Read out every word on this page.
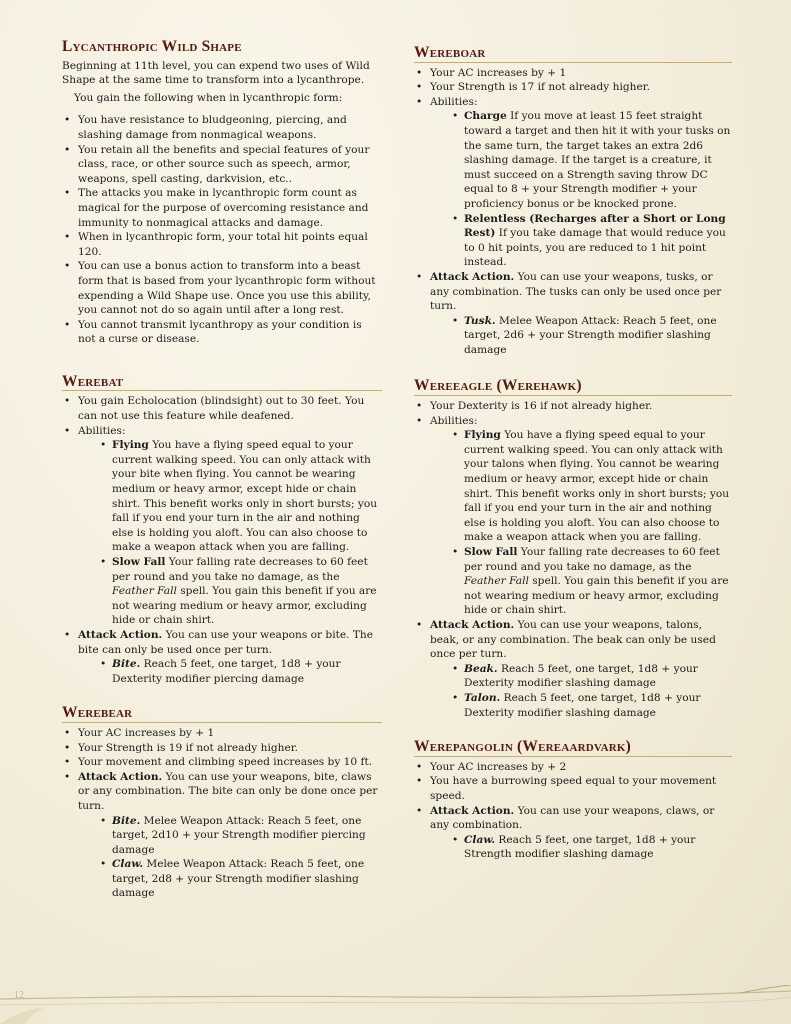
Lycanthropic Wild Shape

Beginning at 11th level, you can expend two uses of Wild Shape at the same time to transform into a lycanthrope.

You gain the following when in lycanthropic form:

• You have resistance to bludgeoning, piercing, and slashing damage from nonmagical weapons.
• You retain all the benefits and special features of your class, race, or other source such as speech, armor, weapons, spell casting, darkvision, etc..
• The attacks you make in lycanthropic form count as magical for the purpose of overcoming resistance and immunity to nonmagical attacks and damage.
• When in lycanthropic form, your total hit points equal 120.
• You can use a bonus action to transform into a beast form that is based from your lycanthropic form without expending a Wild Shape use. Once you use this ability, you cannot not do so again until after a long rest.
• You cannot transmit lycanthropy as your condition is not a curse or disease.
Werebat
• You gain Echolocation (blindsight) out to 30 feet. You can not use this feature while deafened.
• Abilities:
• Flying You have a flying speed equal to your current walking speed. You can only attack with your bite when flying. You cannot be wearing medium or heavy armor, except hide or chain shirt. This benefit works only in short bursts; you fall if you end your turn in the air and nothing else is holding you aloft. You can also choose to make a weapon attack when you are falling.
• Slow Fall Your falling rate decreases to 60 feet per round and you take no damage, as the Feather Fall spell. You gain this benefit if you are not wearing medium or heavy armor, excluding hide or chain shirt.
• Attack Action. You can use your weapons or bite. The bite can only be used once per turn.
• Bite. Reach 5 feet, one target, 1d8 + your Dexterity modifier piercing damage
Werebear
• Your AC increases by + 1
• Your Strength is 19 if not already higher.
• Your movement and climbing speed increases by 10 ft.
• Attack Action. You can use your weapons, bite, claws or any combination. The bite can only be done once per turn.
• Bite. Melee Weapon Attack: Reach 5 feet, one target, 2d10 + your Strength modifier piercing damage
• Claw. Melee Weapon Attack: Reach 5 feet, one target, 2d8 + your Strength modifier slashing damage
Wereboar
• Your AC increases by + 1
• Your Strength is 17 if not already higher.
• Abilities:
• Charge If you move at least 15 feet straight toward a target and then hit it with your tusks on the same turn, the target takes an extra 2d6 slashing damage. If the target is a creature, it must succeed on a Strength saving throw DC equal to 8 + your Strength modifier + your proficiency bonus or be knocked prone.
• Relentless (Recharges after a Short or Long Rest) If you take damage that would reduce you to 0 hit points, you are reduced to 1 hit point instead.
• Attack Action. You can use your weapons, tusks, or any combination. The tusks can only be used once per turn.
• Tusk. Melee Weapon Attack: Reach 5 feet, one target, 2d6 + your Strength modifier slashing damage
Wereeagle (Werehawk)
• Your Dexterity is 16 if not already higher.
• Abilities:
• Flying You have a flying speed equal to your current walking speed. You can only attack with your talons when flying. You cannot be wearing medium or heavy armor, except hide or chain shirt. This benefit works only in short bursts; you fall if you end your turn in the air and nothing else is holding you aloft. You can also choose to make a weapon attack when you are falling.
• Slow Fall Your falling rate decreases to 60 feet per round and you take no damage, as the Feather Fall spell. You gain this benefit if you are not wearing medium or heavy armor, excluding hide or chain shirt.
• Attack Action. You can use your weapons, talons, beak, or any combination. The beak can only be used once per turn.
• Beak. Reach 5 feet, one target, 1d8 + your Dexterity modifier slashing damage
• Talon. Reach 5 feet, one target, 1d8 + your Dexterity modifier slashing damage
Werepangolin (Wereaardvark)
• Your AC increases by + 2
• You have a burrowing speed equal to your movement speed.
• Attack Action. You can use your weapons, claws, or any combination.
• Claw. Reach 5 feet, one target, 1d8 + your Strength modifier slashing damage
12
